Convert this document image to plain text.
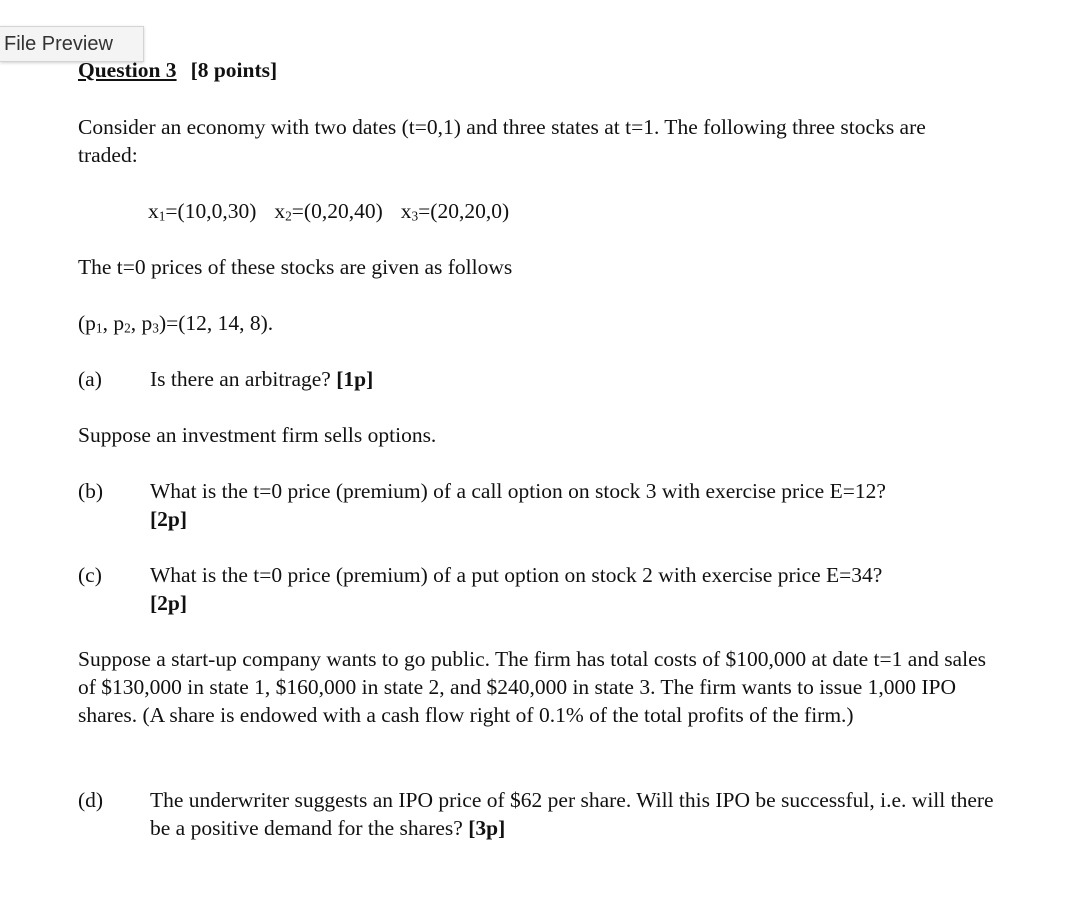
File Preview
Question 3 [8 points]
Consider an economy with two dates (t=0,1) and three states at t=1. The following three stocks are traded:
x1=(10,0,30) x2=(0,20,40) x3=(20,20,0)
The t=0 prices of these stocks are given as follows
(p1, p2, p3)=(12, 14, 8).
(a) Is there an arbitrage? [1p]
Suppose an investment firm sells options.
(b) What is the t=0 price (premium) of a call option on stock 3 with exercise price E=12?
[2p]
(c) What is the t=0 price (premium) of a put option on stock 2 with exercise price E=34?
[2p]
Suppose a start-up company wants to go public. The firm has total costs of $100,000 at date t=1 and sales of $130,000 in state 1, $160,000 in state 2, and $240,000 in state 3. The firm wants to issue 1,000 IPO shares. (A share is endowed with a cash flow right of 0.1% of the total profits of the firm.)
(d) The underwriter suggests an IPO price of $62 per share. Will this IPO be successful, i.e. will there be a positive demand for the shares? [3p]
